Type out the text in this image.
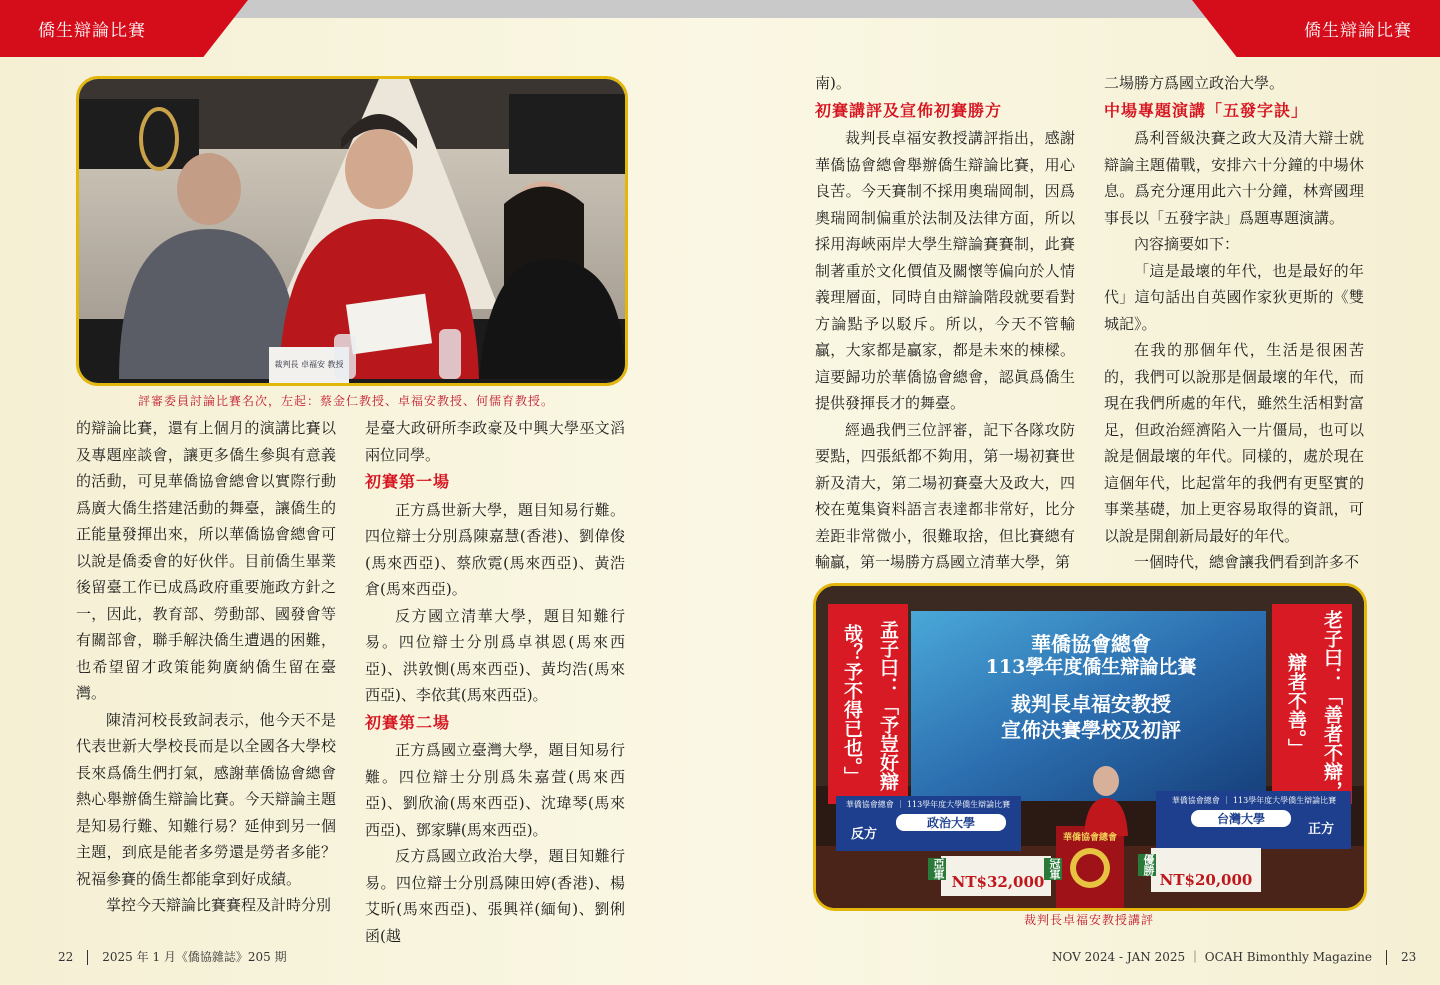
僑生辯論比賽	僑生辯論比賽
裁判長 卓福安 教授
評審委員討論比賽名次，左起：蔡金仁教授、卓福安教授、何儒育教授。

的辯論比賽，還有上個月的演講比賽以及專題座談會，讓更多僑生參與有意義的活動，可見華僑協會總會以實際行動爲廣大僑生搭建活動的舞臺，讓僑生的正能量發揮出來，所以華僑協會總會可以說是僑委會的好伙伴。目前僑生畢業後留臺工作已成爲政府重要施政方針之一，因此，教育部、勞動部、國發會等有關部會，聯手解決僑生遭遇的困難，也希望留才政策能夠廣納僑生留在臺灣。

陳清河校長致詞表示，他今天不是代表世新大學校長而是以全國各大學校長來爲僑生們打氣，感謝華僑協會總會熱心舉辦僑生辯論比賽。今天辯論主題是知易行難、知難行易？延伸到另一個主題，到底是能者多勞還是勞者多能？祝福參賽的僑生都能拿到好成績。

掌控今天辯論比賽賽程及計時分別

是臺大政研所李政豪及中興大學巫文滔兩位同學。

初賽第一場

正方爲世新大學，題目知易行難。四位辯士分別爲陳嘉慧(香港)、劉偉俊(馬來西亞)、蔡欣霓(馬來西亞)、黃浩倉(馬來西亞)。

反方國立清華大學，題目知難行易。四位辯士分別爲卓祺恩(馬來西亞)、洪敦惻(馬來西亞)、黃均浩(馬來西亞)、李依萁(馬來西亞)。

初賽第二場

正方爲國立臺灣大學，題目知易行難。四位辯士分別爲朱嘉萱(馬來西亞)、劉欣渝(馬來西亞)、沈瑋琴(馬來西亞)、鄧家驊(馬來西亞)。

反方爲國立政治大學，題目知難行易。四位辯士分別爲陳田婷(香港)、楊艾昕(馬來西亞)、張興祥(緬甸)、劉俐函(越

南)。

初賽講評及宣佈初賽勝方

裁判長卓福安教授講評指出，感謝華僑協會總會舉辦僑生辯論比賽，用心良苦。今天賽制不採用奧瑞岡制，因爲奧瑞岡制偏重於法制及法律方面，所以採用海峽兩岸大學生辯論賽賽制，此賽制著重於文化價值及關懷等偏向於人情義理層面，同時自由辯論階段就要看對方論點予以駁斥。所以，今天不管輸贏，大家都是贏家，都是未來的棟樑。這要歸功於華僑協會總會，認眞爲僑生提供發揮長才的舞臺。

經過我們三位評審，記下各隊攻防要點，四張紙都不夠用，第一場初賽世新及清大，第二場初賽臺大及政大，四校在蒐集資料語言表達都非常好，比分差距非常微小，很難取捨，但比賽總有輸贏，第一場勝方爲國立清華大學，第

二場勝方爲國立政治大學。

中場專題演講「五發字訣」

爲利晉級決賽之政大及清大辯士就辯論主題備戰，安排六十分鐘的中場休息。爲充分運用此六十分鐘，林齊國理事長以「五發字訣」爲題專題演講。

內容摘要如下：

「這是最壞的年代，也是最好的年代」這句話出自英國作家狄更斯的《雙城記》。

在我的那個年代，生活是很困苦的，我們可以說那是個最壞的年代，而現在我們所處的年代，雖然生活相對富足，但政治經濟陷入一片僵局，也可以說是個最壞的年代。同樣的，處於現在這個年代，比起當年的我們有更堅實的事業基礎，加上更容易取得的資訊，可以說是開創新局最好的年代。

一個時代，總會讓我們看到許多不

華僑協會總會
113學年度僑生辯論比賽
裁判長卓福安教授
宣佈決賽學校及初評
孟子曰：「予豈好辯哉？予不得已也。」	老子曰：「善者不辯，辯者不善。」
華僑協會總會 ｜ 113學年度大學僑生辯論比賽
反方
政治大學
華僑協會總會 ｜ 113學年度大學僑生辯論比賽
台灣大學
正方
華僑協會總會
亞軍
NT$32,000
冠軍	優勝
NT$20,000
裁判長卓福安教授講評
22 2025 年 1 月《僑協雜誌》205 期	NOV 2024 - JAN 2025 ｜ OCAH Bimonthly Magazine 23
